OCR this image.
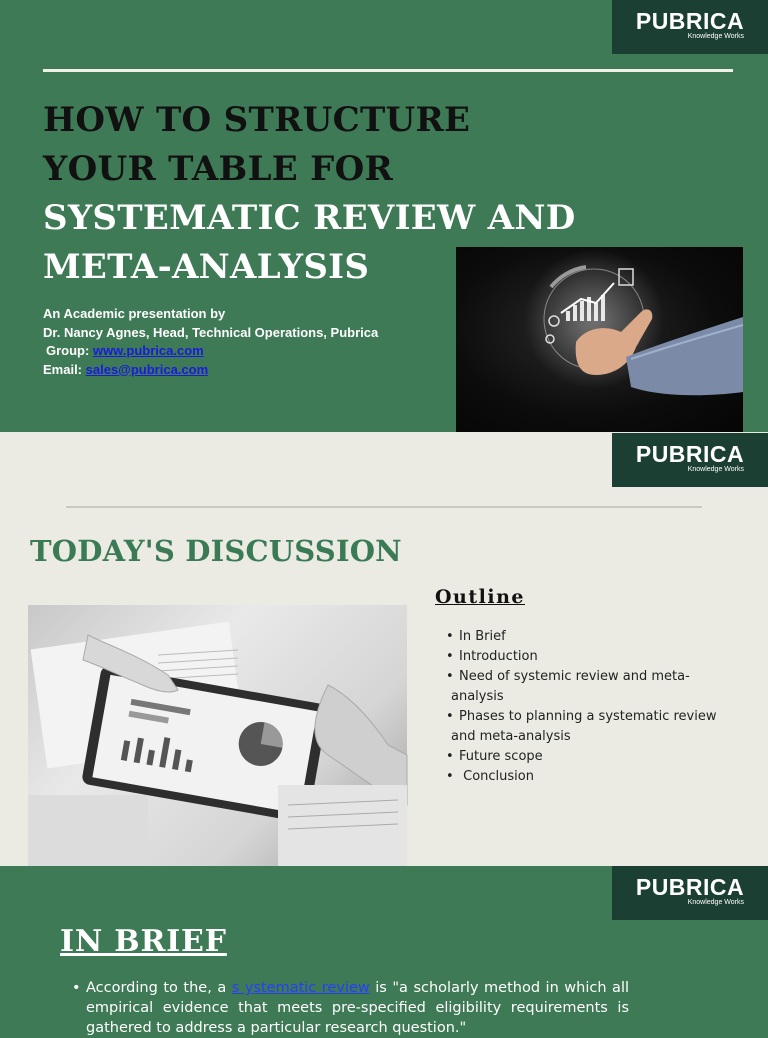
PUBRICA
Knowledge Works
HOW TO STRUCTURE
YOUR TABLE FOR
SYSTEMATIC REVIEW AND
META-ANALYSIS
An Academic presentation by
Dr. Nancy Agnes, Head, Technical Operations, Pubrica
Group: www.pubrica.com
Email: sales@pubrica.com
PUBRICA
Knowledge Works
TODAY'S DISCUSSION
Outline
• In Brief
• Introduction
• Need of systemic review and meta-
analysis
• Phases to planning a systematic review
and meta-analysis
• Future scope
•  Conclusion
PUBRICA
Knowledge Works
IN BRIEF
• According to the, a s ystematic review is "a scholarly method in which all empirical evidence that meets pre-specified eligibility requirements is gathered to address a particular research question."
